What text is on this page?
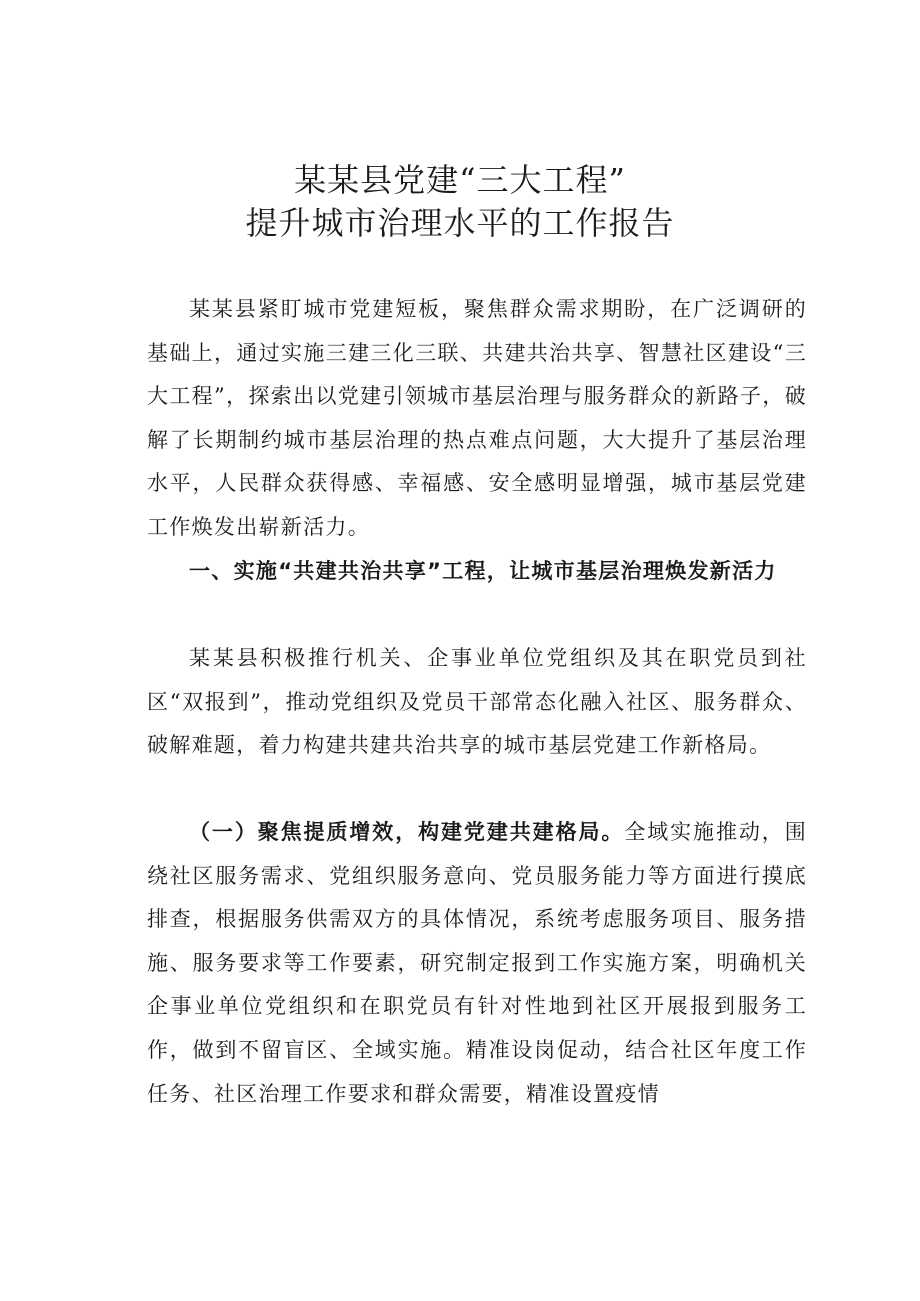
某某县党建“三大工程”
提升城市治理水平的工作报告

某某县紧盯城市党建短板，聚焦群众需求期盼，在广泛调研的基础上，通过实施三建三化三联、共建共治共享、智慧社区建设“三大工程”，探索出以党建引领城市基层治理与服务群众的新路子，破解了长期制约城市基层治理的热点难点问题，大大提升了基层治理水平，人民群众获得感、幸福感、安全感明显增强，城市基层党建工作焕发出崭新活力。

一、实施“共建共治共享”工程，让城市基层治理焕发新活力

某某县积极推行机关、企事业单位党组织及其在职党员到社区“双报到”，推动党组织及党员干部常态化融入社区、服务群众、破解难题，着力构建共建共治共享的城市基层党建工作新格局。

（一）聚焦提质增效，构建党建共建格局。全域实施推动，围绕社区服务需求、党组织服务意向、党员服务能力等方面进行摸底排查，根据服务供需双方的具体情况，系统考虑服务项目、服务措施、服务要求等工作要素，研究制定报到工作实施方案，明确机关企事业单位党组织和在职党员有针对性地到社区开展报到服务工作，做到不留盲区、全域实施。精准设岗促动，结合社区年度工作任务、社区治理工作要求和群众需要，精准设置疫情
